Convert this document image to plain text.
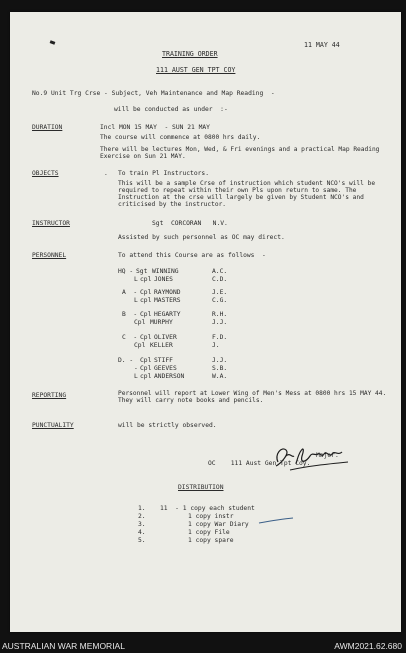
11 MAY 44
TRAINING ORDER
111 AUST GEN TPT COY
No.9 Unit Trg Crse - Subject, Veh Maintenance and Map Reading  -
will be conducted as under  :-
DURATION	Incl MON 15 MAY  - SUN 21 MAY
The course will commence at 0800 hrs daily.
There will be lectures Mon, Wed, & Fri evenings and a practical Map Reading Exercise on Sun 21 MAY.
OBJECTS	. To train Pl Instructors.
This will be a sample Crse of instruction which student NCO's will be required to repeat within their own Pls upon return to same. The Instruction at the crse will largely be given by Student NCO's and criticised by the instructor.
INSTRUCTOR	Sgt  CORCORAN   N.V.
Assisted by such personnel as OC may direct.
PERSONNEL	To attend this Course are as follows  -
HQ - Sgt WINNING	A.C.
L cpl JONES	C.D.
A  - Cpl RAYMOND	J.E.
L cpl MASTERS	C.G.
B  - Cpl HEGARTY	R.H.
Cpl MURPHY	J.J.
C  - Cpl OLIVER	F.D.
Cpl KELLER	J.
D. - Cpl STIFF	J.J.
- Cpl GEEVES	S.B.
L cpl ANDERSON	W.A.
REPORTING	Personnel will report at Lower Wing of Men's Mess at 0800 hrs 15 MAY 44. They will carry note books and pencils.
PUNCTUALITY	will be strictly observed.
Major.
OC    111 Aust Gen Tpt Coy.
DISTRIBUTION
1. 11  - 1 copy each student
2.	1 copy instr
3.	1 copy War Diary
4.	1 copy File
5.	1 copy spare
AUSTRALIAN WAR MEMORIAL	AWM2021.62.680
